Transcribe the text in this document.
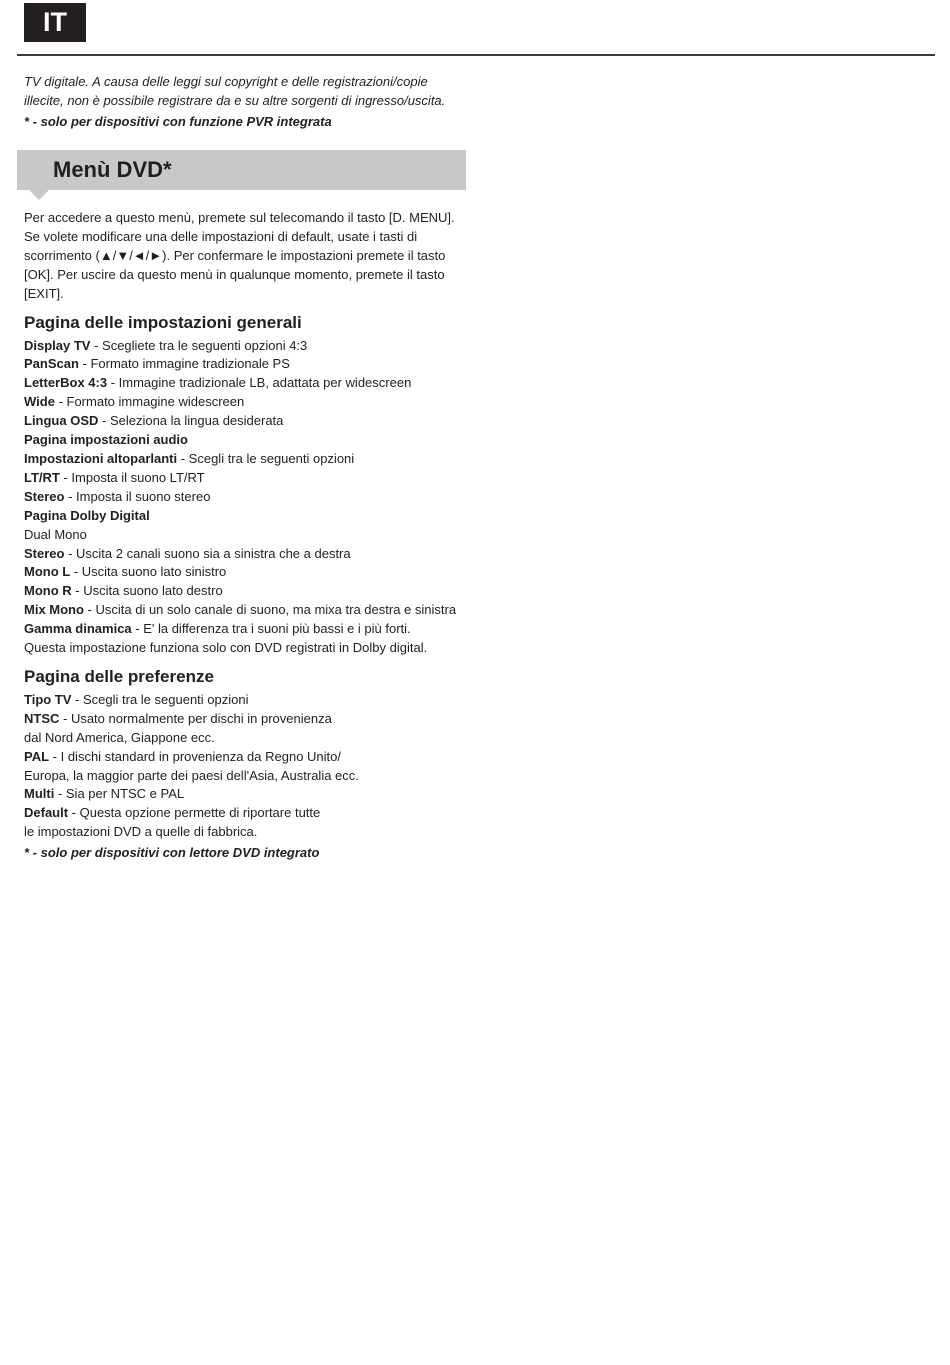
IT

TV digitale. A causa delle leggi sul copyright e delle registrazioni/copie

illecite, non è possibile registrare da e su altre sorgenti di ingresso/uscita.

* - solo per dispositivi con funzione PVR integrata

Menù DVD*

Per accedere a questo menù, premete sul telecomando il tasto [D. MENU].

Se volete modificare una delle impostazioni di default, usate i tasti di

scorrimento (▲/▼/◄/►). Per confermare le impostazioni premete il tasto

[OK]. Per uscire da questo menù in qualunque momento, premete il tasto

[EXIT].

Pagina delle impostazioni generali

Display TV - Scegliete tra le seguenti opzioni 4:3

PanScan - Formato immagine tradizionale PS

LetterBox 4:3 - Immagine tradizionale LB, adattata per widescreen

Wide - Formato immagine widescreen

Lingua OSD - Seleziona la lingua desiderata

Pagina impostazioni audio

Impostazioni altoparlanti - Scegli tra le seguenti opzioni

LT/RT - Imposta il suono LT/RT

Stereo - Imposta il suono stereo

Pagina Dolby Digital

Dual Mono

Stereo - Uscita 2 canali suono sia a sinistra che a destra

Mono L - Uscita suono lato sinistro

Mono R - Uscita suono lato destro

Mix Mono - Uscita di un solo canale di suono, ma mixa tra destra e sinistra

Gamma dinamica - E' la differenza tra i suoni più bassi e i più forti.

Questa impostazione funziona solo con DVD registrati in Dolby digital.

Pagina delle preferenze

Tipo TV - Scegli tra le seguenti opzioni

NTSC - Usato normalmente per dischi in provenienza

dal Nord America, Giappone ecc.

PAL - I dischi standard in provenienza da Regno Unito/

Europa, la maggior parte dei paesi dell'Asia, Australia ecc.

Multi - Sia per NTSC e PAL

Default - Questa opzione permette di riportare tutte

le impostazioni DVD a quelle di fabbrica.

* - solo per dispositivi con lettore DVD integrato
